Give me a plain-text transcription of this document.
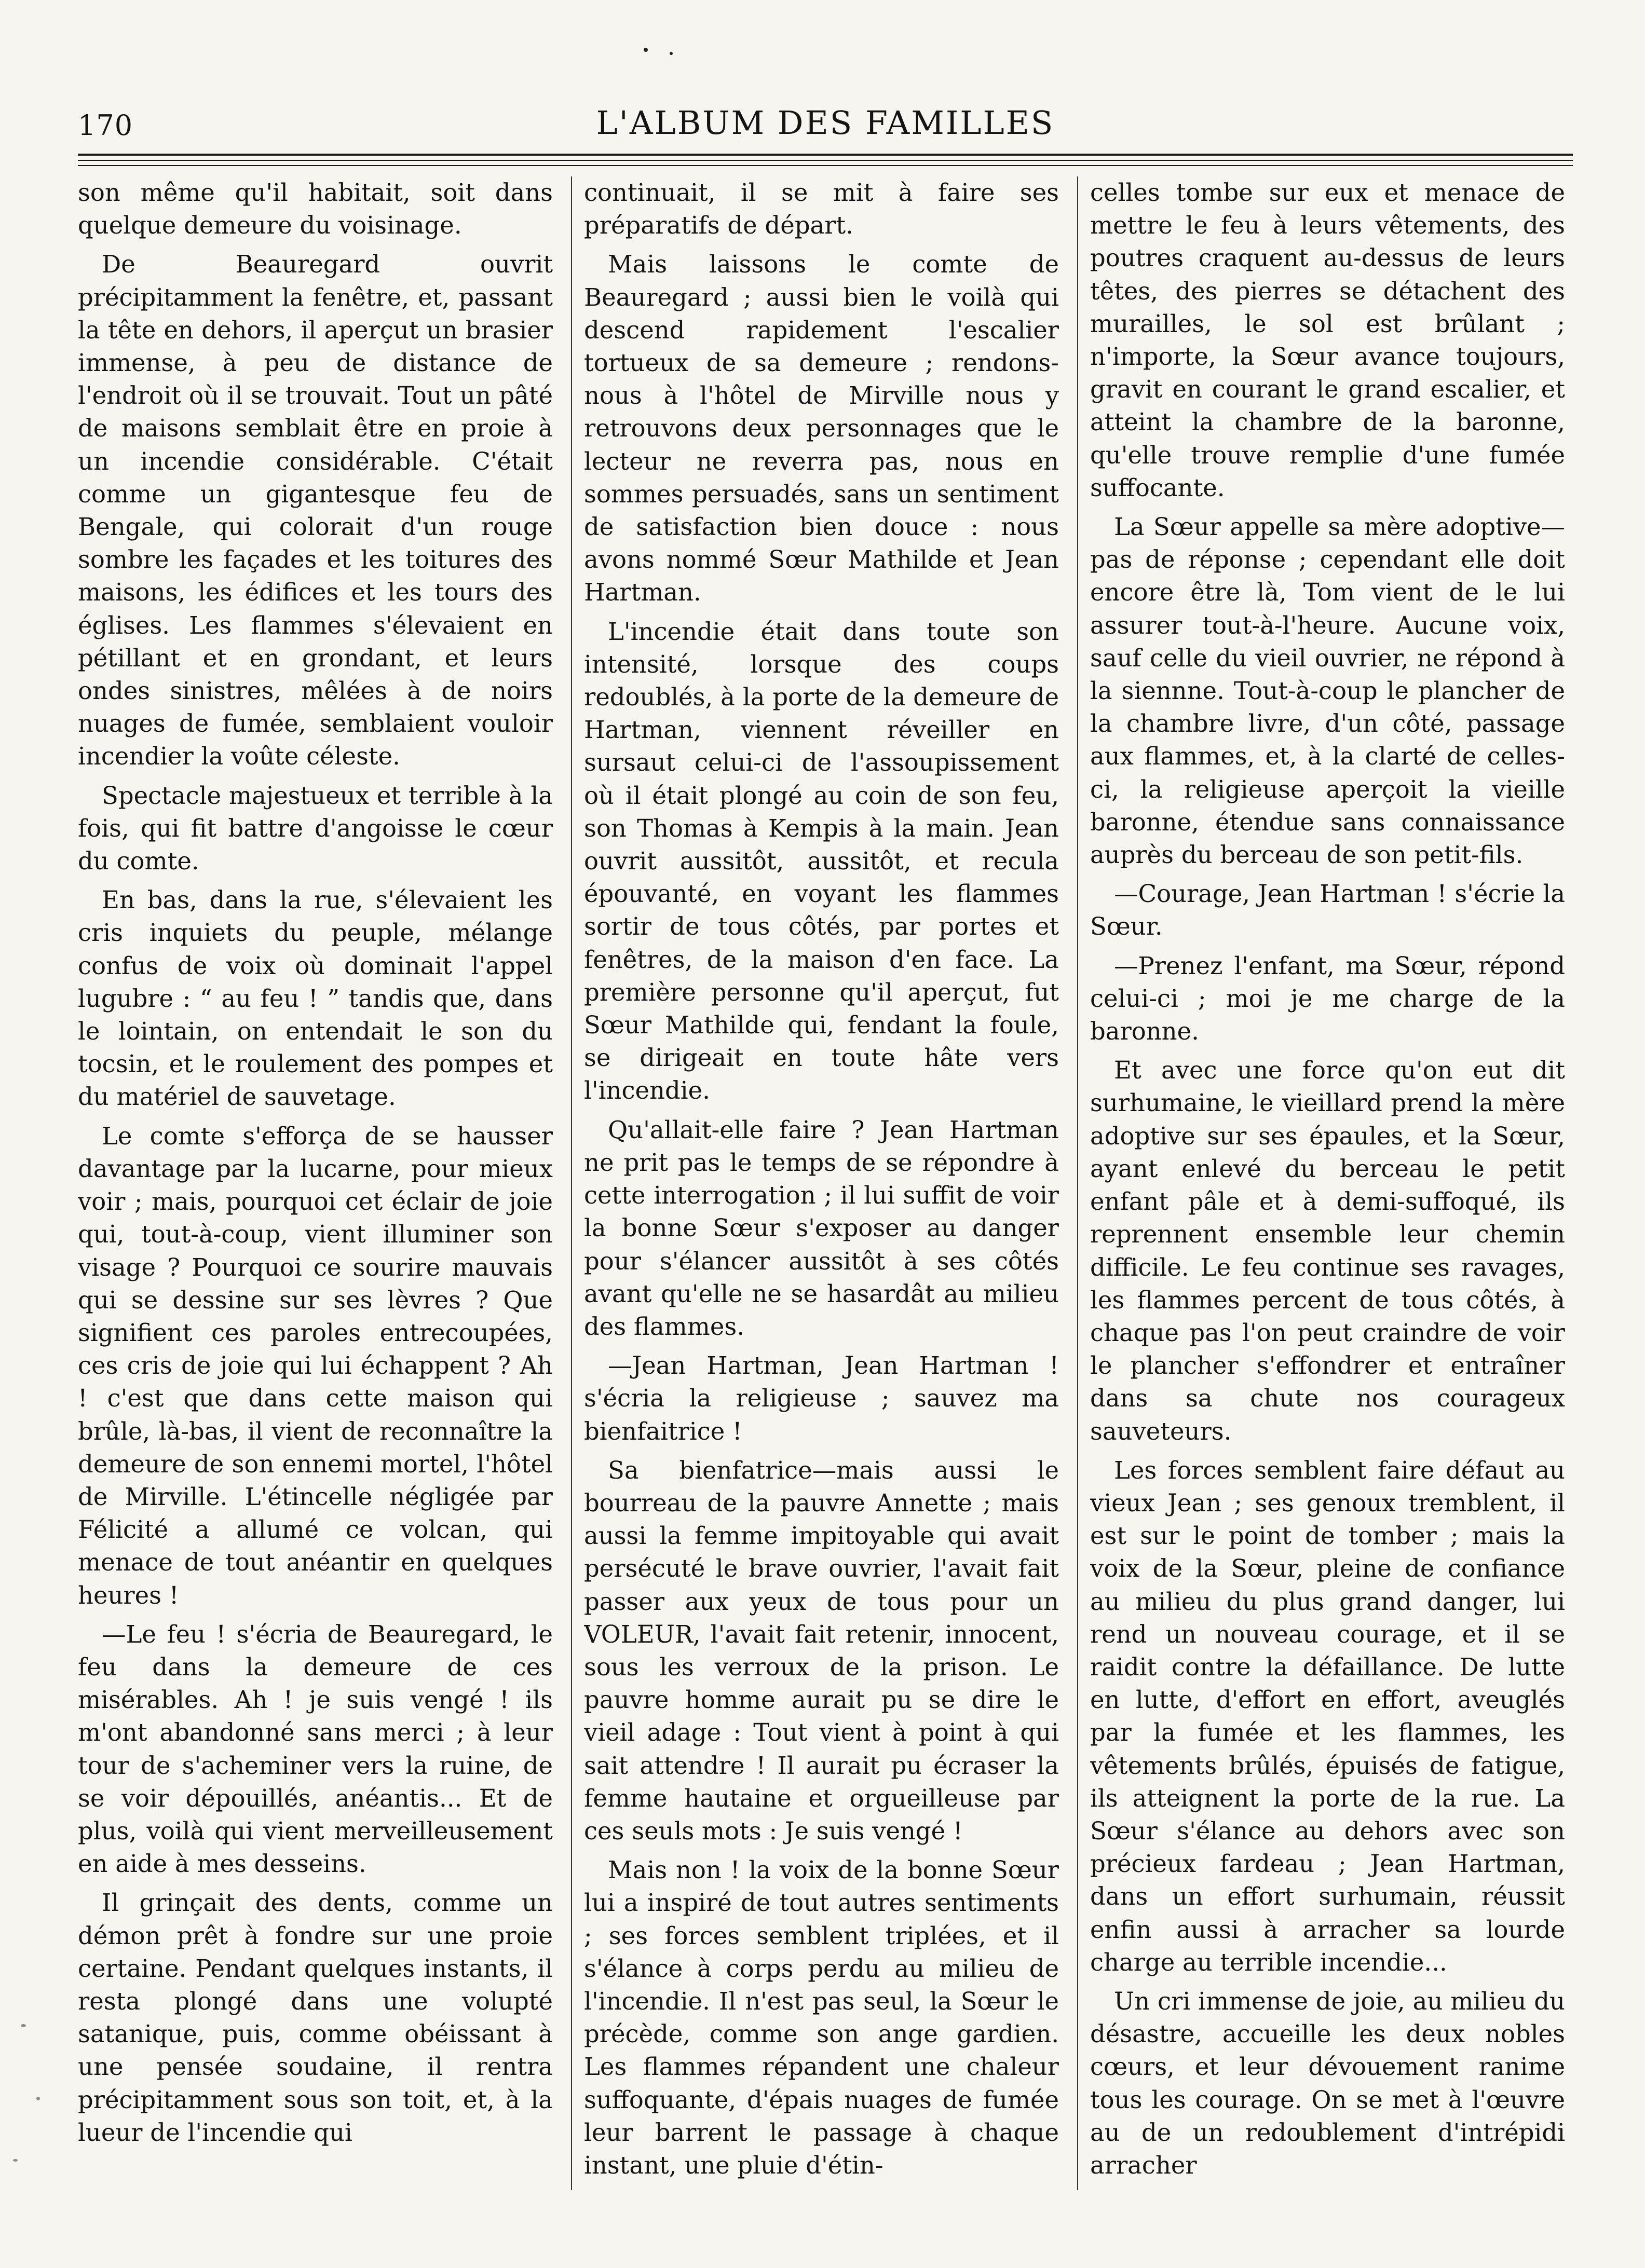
170	L'ALBUM DES FAMILLES

son même qu'il habitait, soit dans quelque demeure du voisinage.

De Beauregard ouvrit précipitamment la fenêtre, et, passant la tête en dehors, il aperçut un brasier immense, à peu de distance de l'endroit où il se trouvait. Tout un pâté de maisons semblait être en proie à un incendie considérable. C'était comme un gigantesque feu de Bengale, qui colorait d'un rouge sombre les façades et les toitures des maisons, les édifices et les tours des églises. Les flammes s'élevaient en pétillant et en grondant, et leurs ondes sinistres, mêlées à de noirs nuages de fumée, semblaient vouloir incendier la voûte céleste.

Spectacle majestueux et terrible à la fois, qui fit battre d'angoisse le cœur du comte.

En bas, dans la rue, s'élevaient les cris inquiets du peuple, mélange confus de voix où dominait l'appel lugubre : “ au feu ! ” tandis que, dans le lointain, on entendait le son du tocsin, et le roulement des pompes et du matériel de sauvetage.

Le comte s'efforça de se hausser davantage par la lucarne, pour mieux voir ; mais, pourquoi cet éclair de joie qui, tout-à-coup, vient illuminer son visage ? Pourquoi ce sourire mauvais qui se dessine sur ses lèvres ? Que signifient ces paroles entrecoupées, ces cris de joie qui lui échappent ? Ah ! c'est que dans cette maison qui brûle, là-bas, il vient de reconnaître la demeure de son ennemi mortel, l'hôtel de Mirville. L'étincelle négligée par Félicité a allumé ce volcan, qui menace de tout anéantir en quelques heures !

—Le feu ! s'écria de Beauregard, le feu dans la demeure de ces misérables. Ah ! je suis vengé ! ils m'ont abandonné sans merci ; à leur tour de s'acheminer vers la ruine, de se voir dépouillés, anéantis... Et de plus, voilà qui vient merveilleusement en aide à mes desseins.

Il grinçait des dents, comme un démon prêt à fondre sur une proie certaine. Pendant quelques instants, il resta plongé dans une volupté satanique, puis, comme obéissant à une pensée soudaine, il rentra précipitamment sous son toit, et, à la lueur de l'incendie qui

continuait, il se mit à faire ses préparatifs de départ.

Mais laissons le comte de Beauregard ; aussi bien le voilà qui descend rapidement l'escalier tortueux de sa demeure ; rendons-nous à l'hôtel de Mirville nous y retrouvons deux personnages que le lecteur ne reverra pas, nous en sommes persuadés, sans un sentiment de satisfaction bien douce : nous avons nommé Sœur Mathilde et Jean Hartman.

L'incendie était dans toute son intensité, lorsque des coups redoublés, à la porte de la demeure de Hartman, viennent réveiller en sursaut celui-ci de l'assoupissement où il était plongé au coin de son feu, son Thomas à Kempis à la main. Jean ouvrit aussitôt, aussitôt, et recula épouvanté, en voyant les flammes sortir de tous côtés, par portes et fenêtres, de la maison d'en face. La première personne qu'il aperçut, fut Sœur Mathilde qui, fendant la foule, se dirigeait en toute hâte vers l'incendie.

Qu'allait-elle faire ? Jean Hartman ne prit pas le temps de se répondre à cette interrogation ; il lui suffit de voir la bonne Sœur s'exposer au danger pour s'élancer aussitôt à ses côtés avant qu'elle ne se hasardât au milieu des flammes.

—Jean Hartman, Jean Hartman ! s'écria la religieuse ; sauvez ma bienfaitrice !

Sa bienfatrice—mais aussi le bourreau de la pauvre Annette ; mais aussi la femme impitoyable qui avait persécuté le brave ouvrier, l'avait fait passer aux yeux de tous pour un VOLEUR, l'avait fait retenir, innocent, sous les verroux de la prison. Le pauvre homme aurait pu se dire le vieil adage : Tout vient à point à qui sait attendre ! Il aurait pu écraser la femme hautaine et orgueilleuse par ces seuls mots : Je suis vengé !

Mais non ! la voix de la bonne Sœur lui a inspiré de tout autres sentiments ; ses forces semblent triplées, et il s'élance à corps perdu au milieu de l'incendie. Il n'est pas seul, la Sœur le précède, comme son ange gardien. Les flammes répandent une chaleur suffoquante, d'épais nuages de fumée leur barrent le passage à chaque instant, une pluie d'étin-

celles tombe sur eux et menace de mettre le feu à leurs vêtements, des poutres craquent au-dessus de leurs têtes, des pierres se détachent des murailles, le sol est brûlant ; n'importe, la Sœur avance toujours, gravit en courant le grand escalier, et atteint la chambre de la baronne, qu'elle trouve remplie d'une fumée suffocante.

La Sœur appelle sa mère adoptive—pas de réponse ; cependant elle doit encore être là, Tom vient de le lui assurer tout-à-l'heure. Aucune voix, sauf celle du vieil ouvrier, ne répond à la siennne. Tout-à-coup le plancher de la chambre livre, d'un côté, passage aux flammes, et, à la clarté de celles-ci, la religieuse aperçoit la vieille baronne, étendue sans connaissance auprès du berceau de son petit-fils.

—Courage, Jean Hartman ! s'écrie la Sœur.

—Prenez l'enfant, ma Sœur, répond celui-ci ; moi je me charge de la baronne.

Et avec une force qu'on eut dit surhumaine, le vieillard prend la mère adoptive sur ses épaules, et la Sœur, ayant enlevé du berceau le petit enfant pâle et à demi-suffoqué, ils reprennent ensemble leur chemin difficile. Le feu continue ses ravages, les flammes percent de tous côtés, à chaque pas l'on peut craindre de voir le plancher s'effondrer et entraîner dans sa chute nos courageux sauveteurs.

Les forces semblent faire défaut au vieux Jean ; ses genoux tremblent, il est sur le point de tomber ; mais la voix de la Sœur, pleine de confiance au milieu du plus grand danger, lui rend un nouveau courage, et il se raidit contre la défaillance. De lutte en lutte, d'effort en effort, aveuglés par la fumée et les flammes, les vêtements brûlés, épuisés de fatigue, ils atteignent la porte de la rue. La Sœur s'élance au dehors avec son précieux fardeau ; Jean Hartman, dans un effort surhumain, réussit enfin aussi à arracher sa lourde charge au terrible incendie...

Un cri immense de joie, au milieu du désastre, accueille les deux nobles cœurs, et leur dévouement ranime tous les courage. On se met à l'œuvre au de un redoublement d'intrépidi arracher
